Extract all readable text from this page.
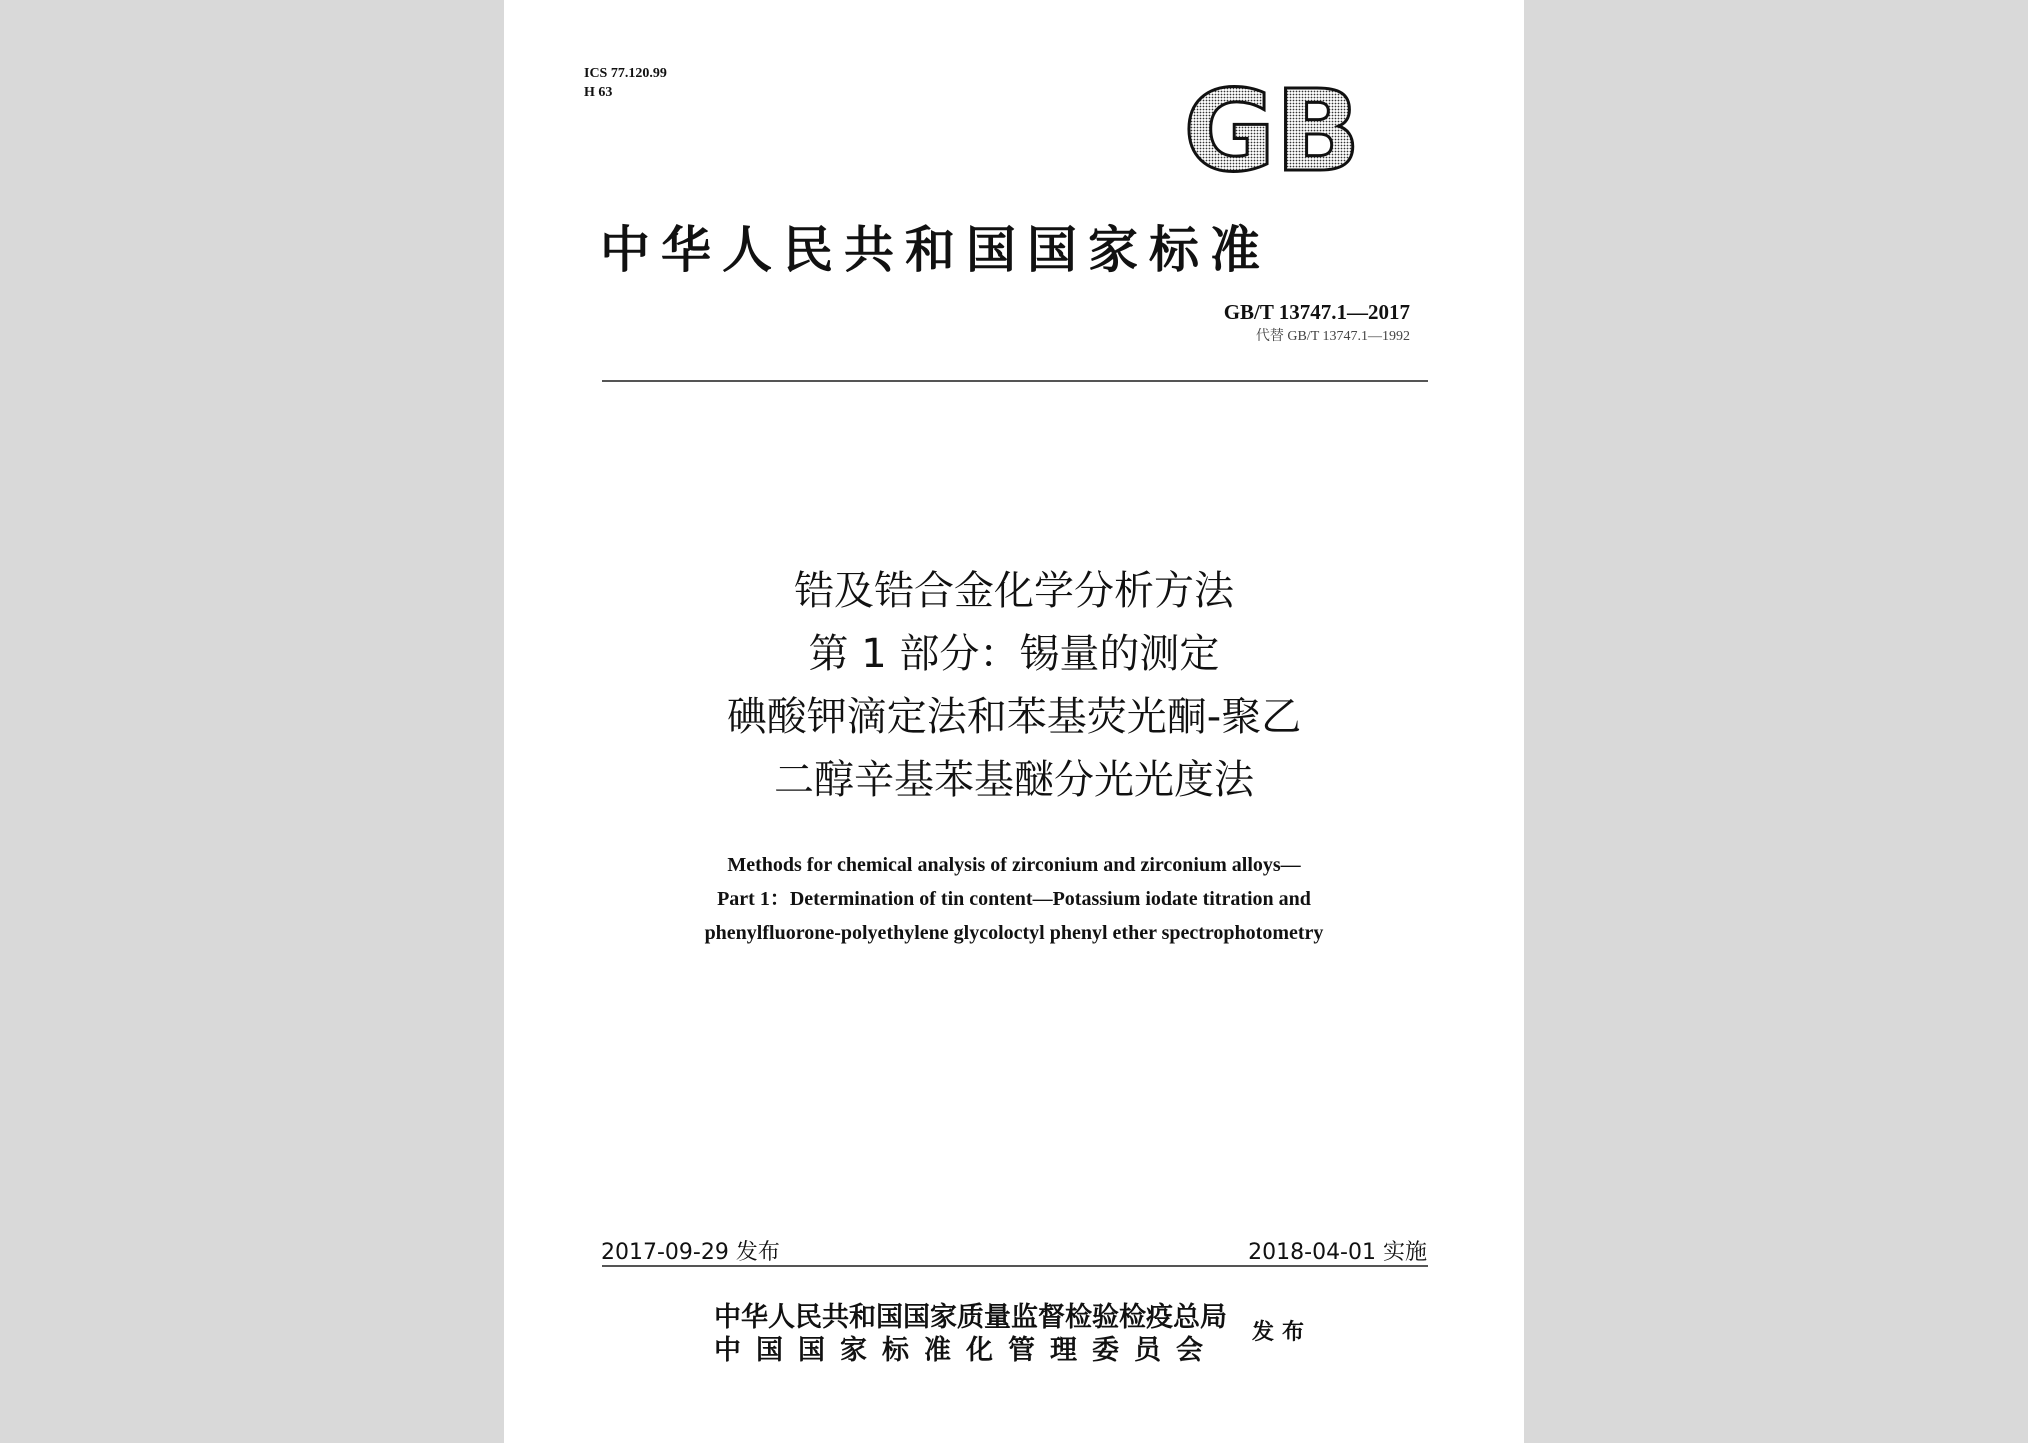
ICS 77.120.99
H 63	GB
中华人民共和国国家标准
GB/T 13747.1—2017
代替 GB/T 13747.1—1992
锆及锆合金化学分析方法
第 1 部分：锡量的测定
碘酸钾滴定法和苯基荧光酮-聚乙
二醇辛基苯基醚分光光度法
Methods for chemical analysis of zirconium and zirconium alloys—
Part 1：Determination of tin content—Potassium iodate titration and
phenylfluorone-polyethylene glycoloctyl phenyl ether spectrophotometry
2017-09-29 发布	2018-04-01 实施
中华人民共和国国家质量监督检验检疫总局
中国国家标准化管理委员会
发布
